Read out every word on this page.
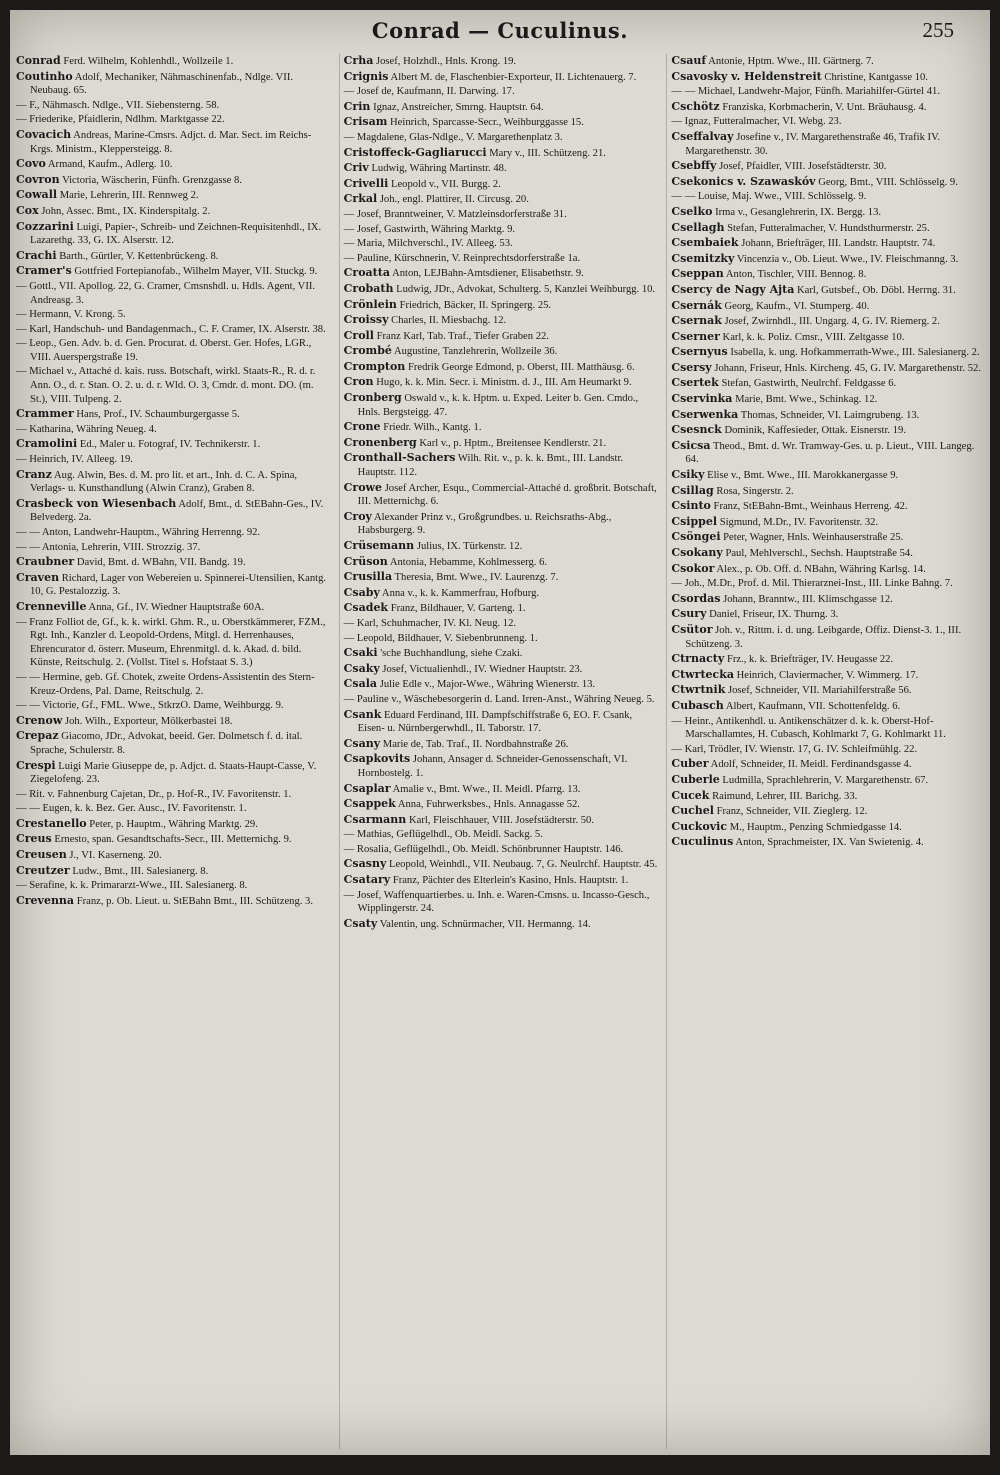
Conrad — Cuculinus.	255
Conrad Ferd. Wilhelm, Kohlenhdl., Wollzeile 1.
Coutinho Adolf, Mechaniker, Nähmaschinenfab., Ndlge. VII. Neubaug. 65.
— F., Nähmasch. Ndlge., VII. Siebensterng. 58.
— Friederike, Pfaidlerin, Ndlhm. Marktgasse 22.
Covacich Andreas, Marine-Cmsrs. Adjct. d. Mar. Sect. im Reichs-Krgs. Ministm., Kleppersteigg. 8.
Covo Armand, Kaufm., Adlerg. 10.
Covron Victoria, Wäscherin, Fünfh. Grenzgasse 8.
Cowall Marie, Lehrerin, III. Rennweg 2.
Cox John, Assec. Bmt., IX. Kinderspitalg. 2.
Cozzarini Luigi, Papier-, Schreib- und Zeichnen-Requisitenhdl., IX. Lazarethg. 33, G. IX. Alserstr. 12.
Crachi Barth., Gürtler, V. Kettenbrückeng. 8.
Cramer's Gottfried Fortepianofab., Wilhelm Mayer, VII. Stuckg. 9.
— Gottl., VII. Apollog. 22, G. Cramer, Cmsnshdl. u. Hdls. Agent, VII. Andreasg. 3.
— Hermann, V. Krong. 5.
— Karl, Handschuh- und Bandagenmach., C. F. Cramer, IX. Alserstr. 38.
— Leop., Gen. Adv. b. d. Gen. Procurat. d. Oberst. Ger. Hofes, LGR., VIII. Auerspergstraße 19.
— Michael v., Attaché d. kais. russ. Botschaft, wirkl. Staats-R., R. d. r. Ann. O., d. r. Stan. O. 2. u. d. r. Wld. O. 3, Cmdr. d. mont. DO. (m. St.), VIII. Tulpeng. 2.
Crammer Hans, Prof., IV. Schaumburgergasse 5.
— Katharina, Währing Neueg. 4.
Cramolini Ed., Maler u. Fotograf, IV. Technikerstr. 1.
— Heinrich, IV. Alleeg. 19.
Cranz Aug. Alwin, Bes. d. M. pro lit. et art., Inh. d. C. A. Spina, Verlags- u. Kunsthandlung (Alwin Cranz), Graben 8.
Crasbeck von Wiesenbach Adolf, Bmt., d. StEBahn-Ges., IV. Belvederg. 2a.
— — Anton, Landwehr-Hauptm., Währing Herrenng. 92.
— — Antonia, Lehrerin, VIII. Strozzig. 37.
Craubner David, Bmt. d. WBahn, VII. Bandg. 19.
Craven Richard, Lager von Webereien u. Spinnerei-Utensilien, Kantg. 10, G. Pestalozzig. 3.
Crenneville Anna, Gf., IV. Wiedner Hauptstraße 60A.
— Franz Folliot de, Gf., k. k. wirkl. Ghm. R., u. Oberstkämmerer, FZM., Rgt. Inh., Kanzler d. Leopold-Ordens, Mitgl. d. Herrenhauses, Ehrencurator d. österr. Museum, Ehrenmitgl. d. k. Akad. d. bild. Künste, Reitschulg. 2. (Vollst. Titel s. Hofstaat S. 3.)
— — Hermine, geb. Gf. Chotek, zweite Ordens-Assistentin des Stern-Kreuz-Ordens, Pal. Dame, Reitschulg. 2.
— — Victorie, Gf., FML. Wwe., StkrzO. Dame, Weihburgg. 9.
Crenow Joh. Wilh., Exporteur, Mölkerbastei 18.
Crepaz Giacomo, JDr., Advokat, beeid. Ger. Dolmetsch f. d. ital. Sprache, Schulerstr. 8.
Crespi Luigi Marie Giuseppe de, p. Adjct. d. Staats-Haupt-Casse, V. Ziegelofeng. 23.
— Rit. v. Fahnenburg Cajetan, Dr., p. Hof-R., IV. Favoritenstr. 1.
— — Eugen, k. k. Bez. Ger. Ausc., IV. Favoritenstr. 1.
Crestanello Peter, p. Hauptm., Währing Marktg. 29.
Creus Ernesto, span. Gesandtschafts-Secr., III. Metternichg. 9.
Creusen J., VI. Kaserneng. 20.
Creutzer Ludw., Bmt., III. Salesianerg. 8.
— Serafine, k. k. Primararzt-Wwe., III. Salesianerg. 8.
Crevenna Franz, p. Ob. Lieut. u. StEBahn Bmt., III. Schützeng. 3.
Crha Josef, Holzhdl., Hnls. Krong. 19.
Crignis Albert M. de, Flaschenbier-Exporteur, II. Lichtenauerg. 7.
— Josef de, Kaufmann, II. Darwing. 17.
Crin Ignaz, Anstreicher, Smrng. Hauptstr. 64.
Crisam Heinrich, Sparcasse-Secr., Weihburggasse 15.
— Magdalene, Glas-Ndlge., V. Margarethenplatz 3.
Cristoffeck-Gagliarucci Mary v., III. Schützeng. 21.
Criv Ludwig, Währing Martinstr. 48.
Crivelli Leopold v., VII. Burgg. 2.
Crkal Joh., engl. Plattirer, II. Circusg. 20.
— Josef, Branntweiner, V. Matzleinsdorferstraße 31.
— Josef, Gastwirth, Währing Marktg. 9.
— Maria, Milchverschl., IV. Alleeg. 53.
— Pauline, Kürschnerin, V. Reinprechtsdorferstraße 1a.
Croatta Anton, LEJBahn-Amtsdiener, Elisabethstr. 9.
Crobath Ludwig, JDr., Advokat, Schulterg. 5, Kanzlei Weihburgg. 10.
Crönlein Friedrich, Bäcker, II. Springerg. 25.
Croissy Charles, II. Miesbachg. 12.
Croll Franz Karl, Tab. Traf., Tiefer Graben 22.
Crombé Augustine, Tanzlehrerin, Wollzeile 36.
Crompton Fredrik George Edmond, p. Oberst, III. Matthäusg. 6.
Cron Hugo, k. k. Min. Secr. i. Ministm. d. J., III. Am Heumarkt 9.
Cronberg Oswald v., k. k. Hptm. u. Exped. Leiter b. Gen. Cmdo., Hnls. Bergsteigg. 47.
Crone Friedr. Wilh., Kantg. 1.
Cronenberg Karl v., p. Hptm., Breitensee Kendlerstr. 21.
Cronthall-Sachers Wilh. Rit. v., p. k. k. Bmt., III. Landstr. Hauptstr. 112.
Crowe Josef Archer, Esqu., Commercial-Attaché d. großbrit. Botschaft, III. Metternichg. 6.
Croy Alexander Prinz v., Großgrundbes. u. Reichsraths-Abg., Habsburgerg. 9.
Crüsemann Julius, IX. Türkenstr. 12.
Crüson Antonia, Hebamme, Kohlmesserg. 6.
Crusilla Theresia, Bmt. Wwe., IV. Laurenzg. 7.
Csaby Anna v., k. k. Kammerfrau, Hofburg.
Csadek Franz, Bildhauer, V. Garteng. 1.
— Karl, Schuhmacher, IV. Kl. Neug. 12.
— Leopold, Bildhauer, V. Siebenbrunneng. 1.
Csaki 'sche Buchhandlung, siehe Czaki.
Csaky Josef, Victualienhdl., IV. Wiedner Hauptstr. 23.
Csala Julie Edle v., Major-Wwe., Währing Wienerstr. 13.
— Pauline v., Wäschebesorgerin d. Land. Irren-Anst., Währing Neueg. 5.
Csank Eduard Ferdinand, III. Dampfschiffstraße 6, EO. F. Csank, Eisen- u. Nürnbergerwhdl., II. Taborstr. 17.
Csany Marie de, Tab. Traf., II. Nordbahnstraße 26.
Csapkovits Johann, Ansager d. Schneider-Genossenschaft, VI. Hornbostelg. 1.
Csaplar Amalie v., Bmt. Wwe., II. Meidl. Pfarrg. 13.
Csappek Anna, Fuhrwerksbes., Hnls. Annagasse 52.
Csarmann Karl, Fleischhauer, VIII. Josefstädterstr. 50.
— Mathias, Geflügelhdl., Ob. Meidl. Sackg. 5.
— Rosalia, Geflügelhdl., Ob. Meidl. Schönbrunner Hauptstr. 146.
Csasny Leopold, Weinhdl., VII. Neubaug. 7, G. Neulrchf. Hauptstr. 45.
Csatary Franz, Pächter des Elterlein's Kasino, Hnls. Hauptstr. 1.
— Josef, Waffenquartierbes. u. Inh. e. Waren-Cmsns. u. Incasso-Gesch., Wipplingerstr. 24.
Csaty Valentin, ung. Schnürmacher, VII. Hermanng. 14.
Csauf Antonie, Hptm. Wwe., III. Gärtnerg. 7.
Csavosky v. Heldenstreit Christine, Kantgasse 10.
— — Michael, Landwehr-Major, Fünfh. Mariahilfer-Gürtel 41.
Cschötz Franziska, Korbmacherin, V. Unt. Bräuhausg. 4.
— Ignaz, Futteralmacher, VI. Webg. 23.
Cseffalvay Josefine v., IV. Margarethenstraße 46, Trafik IV. Margarethenstr. 30.
Csebffy Josef, Pfaidler, VIII. Josefstädterstr. 30.
Csekonics v. Szawaskóv Georg, Bmt., VIII. Schlösselg. 9.
— — Louise, Maj. Wwe., VIII. Schlösselg. 9.
Cselko Irma v., Gesanglehrerin, IX. Bergg. 13.
Csellagh Stefan, Futteralmacher, V. Hundsthurmerstr. 25.
Csembaiek Johann, Briefträger, III. Landstr. Hauptstr. 74.
Csemitzky Vincenzia v., Ob. Lieut. Wwe., IV. Fleischmanng. 3.
Cseppan Anton, Tischler, VIII. Bennog. 8.
Csercy de Nagy Ajta Karl, Gutsbef., Ob. Döbl. Herrng. 31.
Csernák Georg, Kaufm., VI. Stumperg. 40.
Csernak Josef, Zwirnhdl., III. Ungarg. 4, G. IV. Riemerg. 2.
Cserner Karl, k. k. Poliz. Cmsr., VIII. Zeltgasse 10.
Csernyus Isabella, k. ung. Hofkammerrath-Wwe., III. Salesianerg. 2.
Csersy Johann, Friseur, Hnls. Kircheng. 45, G. IV. Margarethenstr. 52.
Csertek Stefan, Gastwirth, Neulrchf. Feldgasse 6.
Cservinka Marie, Bmt. Wwe., Schinkag. 12.
Cserwenka Thomas, Schneider, VI. Laimgrubeng. 13.
Csesnck Dominik, Kaffesieder, Ottak. Eisnerstr. 19.
Csicsa Theod., Bmt. d. Wr. Tramway-Ges. u. p. Lieut., VIII. Langeg. 64.
Csiky Elise v., Bmt. Wwe., III. Marokkanergasse 9.
Csillag Rosa, Singerstr. 2.
Csinto Franz, StEBahn-Bmt., Weinhaus Herreng. 42.
Csippel Sigmund, M.Dr., IV. Favoritenstr. 32.
Csöngei Peter, Wagner, Hnls. Weinhauserstraße 25.
Csokany Paul, Mehlverschl., Sechsh. Hauptstraße 54.
Csokor Alex., p. Ob. Off. d. NBahn, Währing Karlsg. 14.
— Joh., M.Dr., Prof. d. Mil. Thierarznei-Inst., III. Linke Bahng. 7.
Csordas Johann, Branntw., III. Klimschgasse 12.
Csury Daniel, Friseur, IX. Thurng. 3.
Csütor Joh. v., Rittm. i. d. ung. Leibgarde, Offiz. Dienst-3. 1., III. Schützeng. 3.
Ctrnacty Frz., k. k. Briefträger, IV. Heugasse 22.
Ctwrtecka Heinrich, Claviermacher, V. Wimmerg. 17.
Ctwrtnik Josef, Schneider, VII. Mariahilferstraße 56.
Cubasch Albert, Kaufmann, VII. Schottenfeldg. 6.
— Heinr., Antikenhdl. u. Antikenschätzer d. k. k. Oberst-Hof-Marschallamtes, H. Cubasch, Kohlmarkt 7, G. Kohlmarkt 11.
— Karl, Trödler, IV. Wienstr. 17, G. IV. Schleifmühlg. 22.
Cuber Adolf, Schneider, II. Meidl. Ferdinandsgasse 4.
Cuberle Ludmilla, Sprachlehrerin, V. Margarethenstr. 67.
Cucek Raimund, Lehrer, III. Barichg. 33.
Cuchel Franz, Schneider, VII. Zieglerg. 12.
Cuckovic M., Hauptm., Penzing Schmiedgasse 14.
Cuculinus Anton, Sprachmeister, IX. Van Swietenig. 4.
